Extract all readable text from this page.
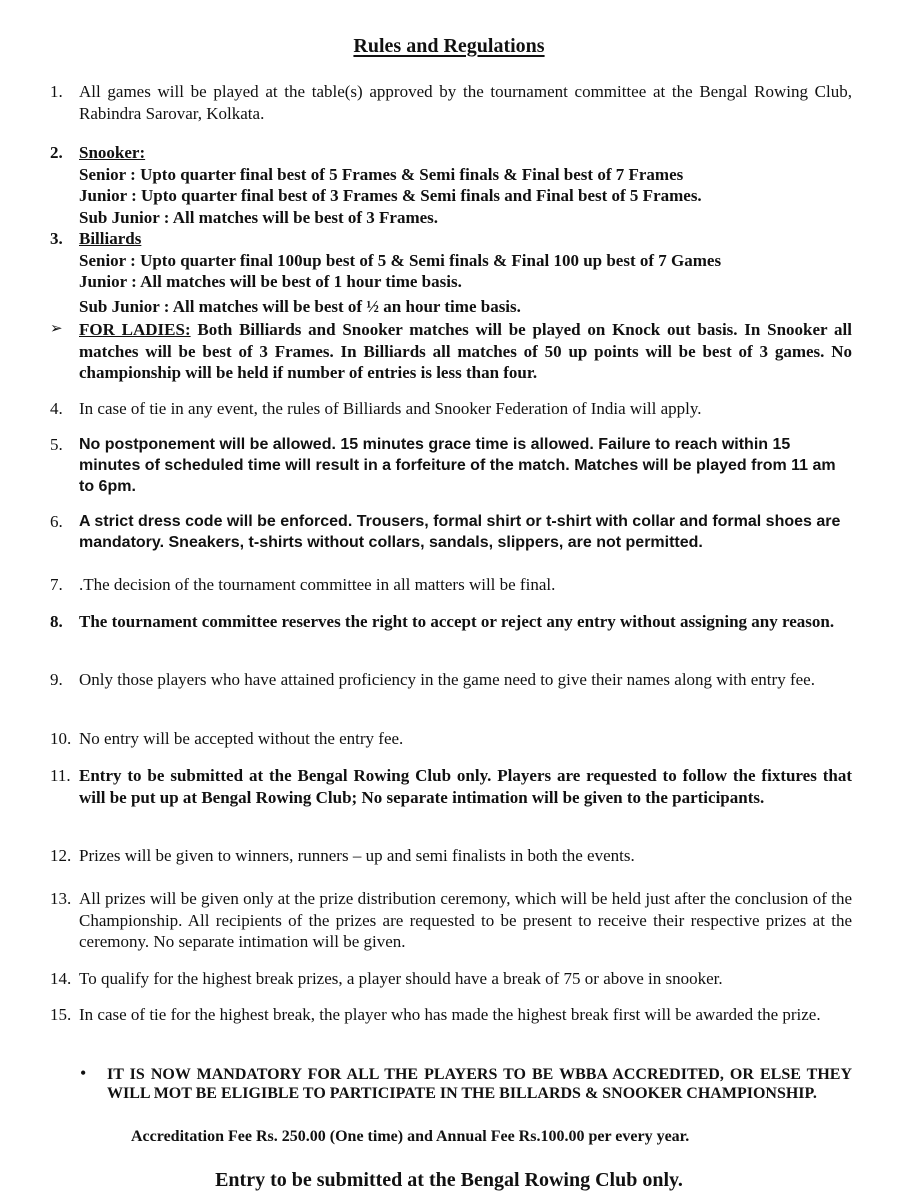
Rules and Regulations
1. All games will be played at the table(s) approved by the tournament committee at the Bengal Rowing Club, Rabindra Sarovar, Kolkata.
2. Snooker:
Senior : Upto quarter final best of 5 Frames & Semi finals & Final best of 7 Frames
Junior : Upto quarter final best of 3 Frames & Semi finals and Final best of 5 Frames.
Sub Junior : All matches will be best of 3 Frames.
3. Billiards
Senior : Upto quarter final 100up best of 5 & Semi finals & Final 100 up best of 7 Games
Junior : All matches will be best of 1 hour time basis.
Sub Junior : All matches will be best of ½ an hour time basis.
➢ FOR LADIES: Both Billiards and Snooker matches will be played on Knock out basis. In Snooker all matches will be best of 3 Frames. In Billiards all matches of 50 up points will be best of 3 games. No championship will be held if number of entries is less than four.
4. In case of tie in any event, the rules of Billiards and Snooker Federation of India will apply.
5.	No postponement will be allowed. 15 minutes grace time is allowed. Failure to reach within 15 minutes of scheduled time will result in a forfeiture of the match. Matches will be played from 11 am to 6pm.
6.	A strict dress code will be enforced. Trousers, formal shirt or t-shirt with collar and formal shoes are mandatory. Sneakers, t-shirts without collars, sandals, slippers, are not permitted.
7. .The decision of the tournament committee in all matters will be final.
8. The tournament committee reserves the right to accept or reject any entry without assigning any reason.
9. Only those players who have attained proficiency in the game need to give their names along with entry fee.
10. No entry will be accepted without the entry fee.
11. Entry to be submitted at the Bengal Rowing Club only. Players are requested to follow the fixtures that will be put up at Bengal Rowing Club; No separate intimation will be given to the participants.
12. Prizes will be given to winners, runners – up and semi finalists in both the events.
13. All prizes will be given only at the prize distribution ceremony, which will be held just after the conclusion of the Championship. All recipients of the prizes are requested to be present to receive their respective prizes at the ceremony. No separate intimation will be given.
14. To qualify for the highest break prizes, a player should have a break of 75 or above in snooker.
15. In case of tie for the highest break, the player who has made the highest break first will be awarded the prize.
• IT IS NOW MANDATORY FOR ALL THE PLAYERS TO BE WBBA ACCREDITED, OR ELSE THEY WILL MOT BE ELIGIBLE TO PARTICIPATE IN THE BILLARDS & SNOOKER CHAMPIONSHIP.
Accreditation Fee Rs. 250.00 (One time) and Annual Fee Rs.100.00 per every year.
Entry to be submitted at the Bengal Rowing Club only.
